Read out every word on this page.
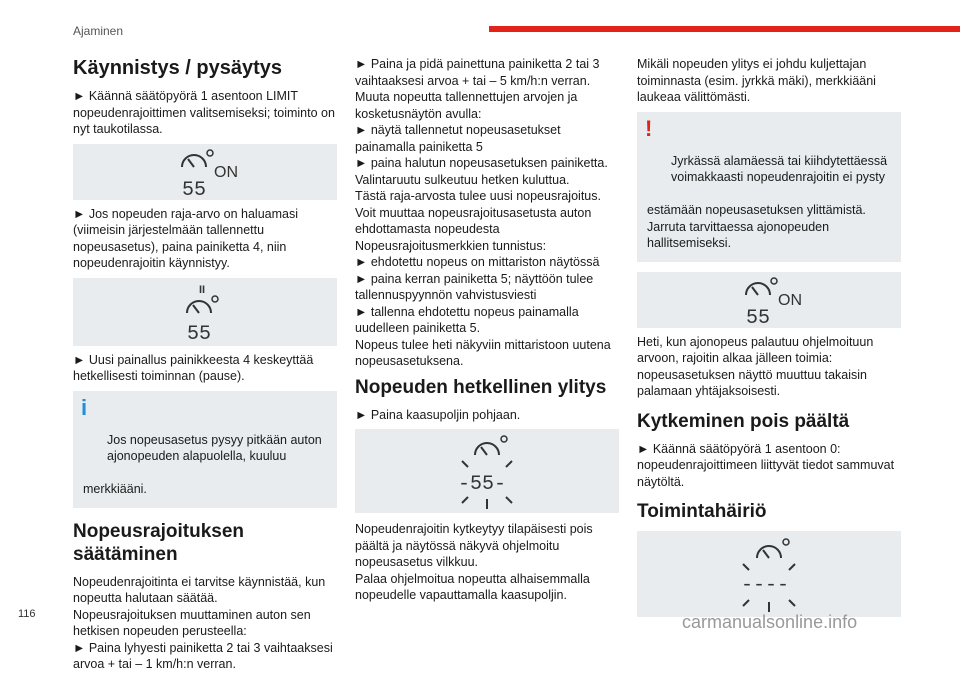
Ajaminen
Käynnistys / pysäytys

► Käännä säätöpyörä 1 asentoon LIMIT nopeudenrajoittimen valitsemiseksi; toiminto on nyt taukotilassa.

55
ON

► Jos nopeuden raja-arvo on haluamasi (viimeisin järjestelmään tallennettu nopeusasetus), paina painiketta 4, niin nopeudenrajoitin käynnistyy.

II
55

► Uusi painallus painikkeesta 4 keskeyttää hetkellisesti toiminnan (pause).

i

Jos nopeusasetus pysyy pitkään auton ajonopeuden alapuolella, kuuluu

merkkiääni.

Nopeusrajoituksen säätäminen

Nopeudenrajoitinta ei tarvitse käynnistää, kun nopeutta halutaan säätää.
Nopeusrajoituksen muuttaminen auton sen hetkisen nopeuden perusteella:
► Paina lyhyesti painiketta 2 tai 3 vaihtaaksesi arvoa + tai – 1 km/h:n verran.

► Paina ja pidä painettuna painiketta 2 tai 3 vaihtaaksesi arvoa + tai – 5 km/h:n verran.
Muuta nopeutta tallennettujen arvojen ja kosketusnäytön avulla:
► näytä tallennetut nopeusasetukset painamalla painiketta 5
► paina halutun nopeusasetuksen painiketta.
Valintaruutu sulkeutuu hetken kuluttua.
Tästä raja-arvosta tulee uusi nopeusrajoitus.
Voit muuttaa nopeusrajoitusasetusta auton ehdottamasta nopeudesta
Nopeusrajoitusmerkkien tunnistus:
► ehdotettu nopeus on mittariston näytössä
► paina kerran painiketta 5; näyttöön tulee tallennuspyynnön vahvistusviesti
► tallenna ehdotettu nopeus painamalla uudelleen painiketta 5.
Nopeus tulee heti näkyviin mittaristoon uutena nopeusasetuksena.

Nopeuden hetkellinen ylitys

► Paina kaasupoljin pohjaan.

-55-

Nopeudenrajoitin kytkeytyy tilapäisesti pois päältä ja näytössä näkyvä ohjelmoitu nopeusasetus vilkkuu.
Palaa ohjelmoitua nopeutta alhaisemmalla nopeudelle vapauttamalla kaasupoljin.

Mikäli nopeuden ylitys ei johdu kuljettajan toiminnasta (esim. jyrkkä mäki), merkkiääni laukeaa välittömästi.

!

Jyrkässä alamäessä tai kiihdytettäessä voimakkaasti nopeudenrajoitin ei pysty

estämään nopeusasetuksen ylittämistä.
Jarruta tarvittaessa ajonopeuden hallitsemiseksi.

55
ON

Heti, kun ajonopeus palautuu ohjelmoituun arvoon, rajoitin alkaa jälleen toimia: nopeusasetuksen näyttö muuttuu takaisin palamaan yhtäjaksoisesti.

Kytkeminen pois päältä

► Käännä säätöpyörä 1 asentoon 0: nopeudenrajoittimeen liittyvät tiedot sammuvat näytöltä.

Toimintahäiriö
----
116	carmanualsonline.info
